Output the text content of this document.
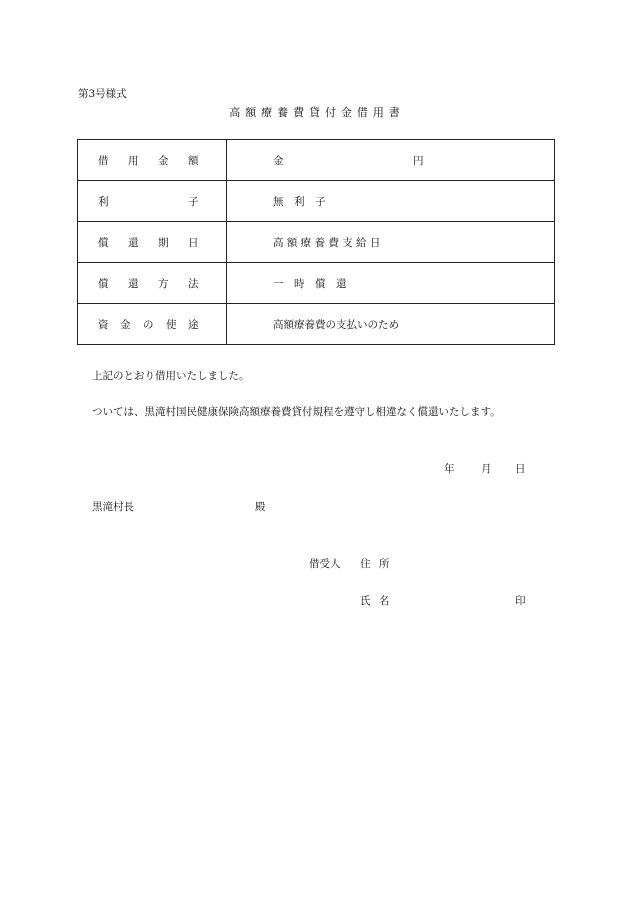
第3号様式
高額療養費貸付金借用書
借 用 金 額	金 円

利 子	無　利　子

償 還 期 日	高 額 療 養 費 支 給 日

償 還 方 法	一　時　償　還

資 金 の 使 途	高額療養費の支払いのため
上記のとおり借用いたしました。
ついては、黒滝村国民健康保険高額療養費貸付規程を遵守し相違なく償還いたします。
年	月 日
黒滝村長	殿
借受人 住所
氏名	印
